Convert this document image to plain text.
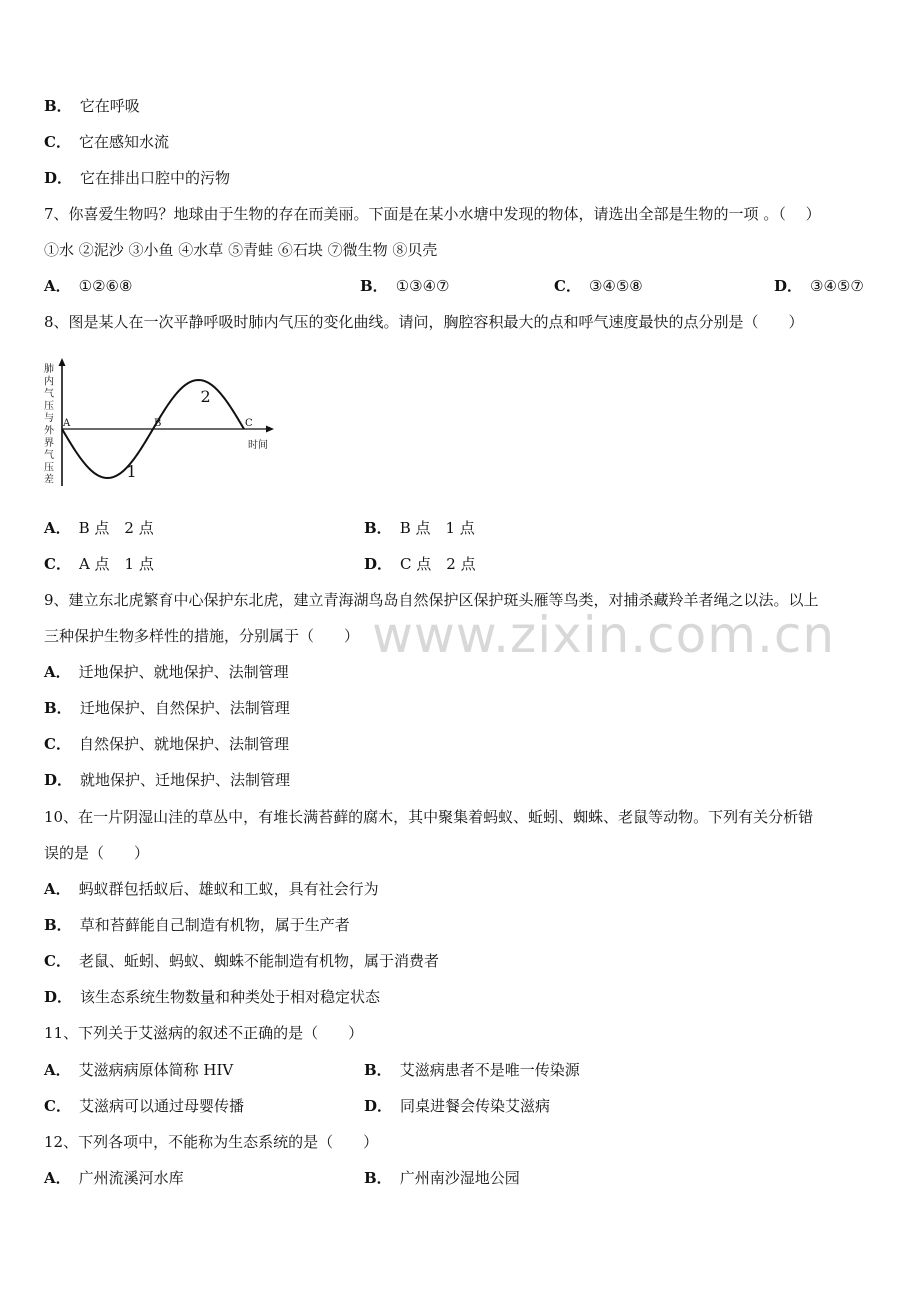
B． 它在呼吸
C． 它在感知水流
D． 它在排出口腔中的污物
7、你喜爱生物吗？地球由于生物的存在而美丽。下面是在某小水塘中发现的物体，请选出全部是生物的一项 。（　 ）
①水 ②泥沙 ③小鱼 ④水草 ⑤青蛙 ⑥石块 ⑦微生物 ⑧贝壳
A． ①②⑥⑧	B． ①③④⑦	C． ③④⑤⑧	D． ③④⑤⑦
8、图是某人在一次平静呼吸时肺内气压的变化曲线。请问，胸腔容积最大的点和呼气速度最快的点分别是（　　）
肺
内
气
压
与
外
界
气
压
差
时间
A
1
B
2
C
A． B 点　2 点	B． B 点　1 点
C． A 点　1 点	D． C 点　2 点
9、建立东北虎繁育中心保护东北虎，建立青海湖鸟岛自然保护区保护斑头雁等鸟类，对捕杀藏羚羊者绳之以法。以上
三种保护生物多样性的措施，分别属于（　　）
A． 迁地保护、就地保护、法制管理
B． 迁地保护、自然保护、法制管理
C． 自然保护、就地保护、法制管理
D． 就地保护、迁地保护、法制管理
10、在一片阴湿山洼的草丛中，有堆长满苔藓的腐木，其中聚集着蚂蚁、蚯蚓、蜘蛛、老鼠等动物。下列有关分析错
误的是（　　）
A． 蚂蚁群包括蚁后、雄蚁和工蚁，具有社会行为
B． 草和苔藓能自己制造有机物，属于生产者
C． 老鼠、蚯蚓、蚂蚁、蜘蛛不能制造有机物，属于消费者
D． 该生态系统生物数量和种类处于相对稳定状态
11、下列关于艾滋病的叙述不正确的是（　　）
A． 艾滋病病原体简称 HIV	B． 艾滋病患者不是唯一传染源
C． 艾滋病可以通过母婴传播	D． 同桌进餐会传染艾滋病
12、下列各项中，不能称为生态系统的是（　　）
A． 广州流溪河水库	B． 广州南沙湿地公园
www.zixin.com.cn
